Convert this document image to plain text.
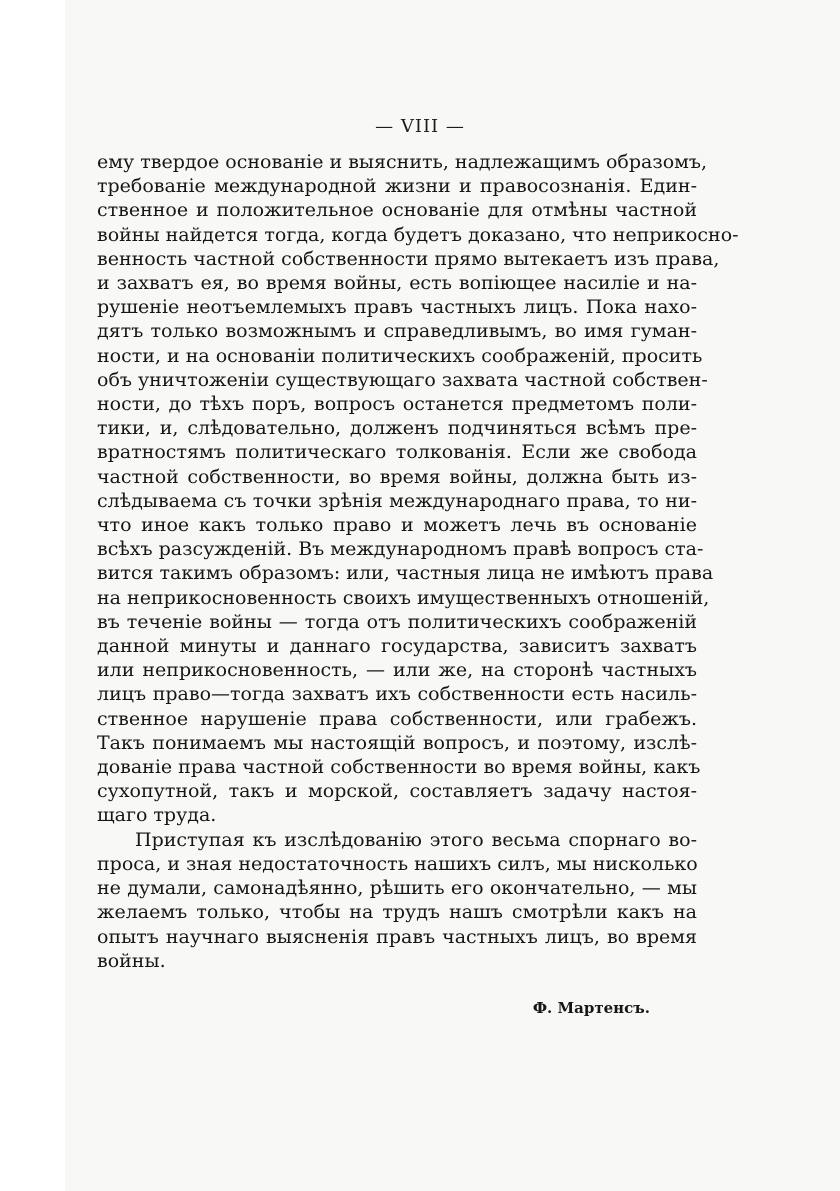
— VIII —
ему твердое основанiе и выяснить, надлежащимъ образомъ,
требованiе международной жизни и правосознанiя. Един-
ственное и положительное основанiе для отмѣны частной
войны найдется тогда, когда будетъ доказано, что неприкосно-
венность частной собственности прямо вытекаетъ изъ права,
и захватъ ея, во время войны, есть вопiющее насилiе и на-
рушенiе неотъемлемыхъ правъ частныхъ лицъ. Пока нахо-
дятъ только возможнымъ и справедливымъ, во имя гуман-
ности, и на основанiи политическихъ соображенiй, просить
объ уничтоженiи существующаго захвата частной собствен-
ности, до тѣхъ поръ, вопросъ останется предметомъ поли-
тики, и, слѣдовательно, долженъ подчиняться всѣмъ пре-
вратностямъ политическаго толкованiя. Если же свобода
частной собственности, во время войны, должна быть из-
слѣдываема съ точки зрѣнiя международнаго права, то ни-
что иное какъ только право и можетъ лечь въ основанiе
всѣхъ разсужденiй. Въ международномъ правѣ вопросъ ста-
вится такимъ образомъ: или, частныя лица не имѣютъ права
на неприкосновенность своихъ имущественныхъ отношенiй,
въ теченiе войны — тогда отъ политическихъ соображенiй
данной минуты и даннаго государства, зависитъ захватъ
или неприкосновенность, — или же, на сторонѣ частныхъ
лицъ право—тогда захватъ ихъ собственности есть насиль-
ственное нарушенiе права собственности, или грабежъ.
Такъ понимаемъ мы настоящiй вопросъ, и поэтому, изслѣ-
дованiе права частной собственности во время войны, какъ
сухопутной, такъ и морской, составляетъ задачу настоя-
щаго труда.
Приступая къ изслѣдованiю этого весьма спорнаго во-
проса, и зная недостаточность нашихъ силъ, мы нисколько
не думали, самонадѣянно, рѣшить его окончательно, — мы
желаемъ только, чтобы на трудъ нашъ смотрѣли какъ на
опытъ научнаго выясненiя правъ частныхъ лицъ, во время
войны.
Ф. Мартенсъ.
